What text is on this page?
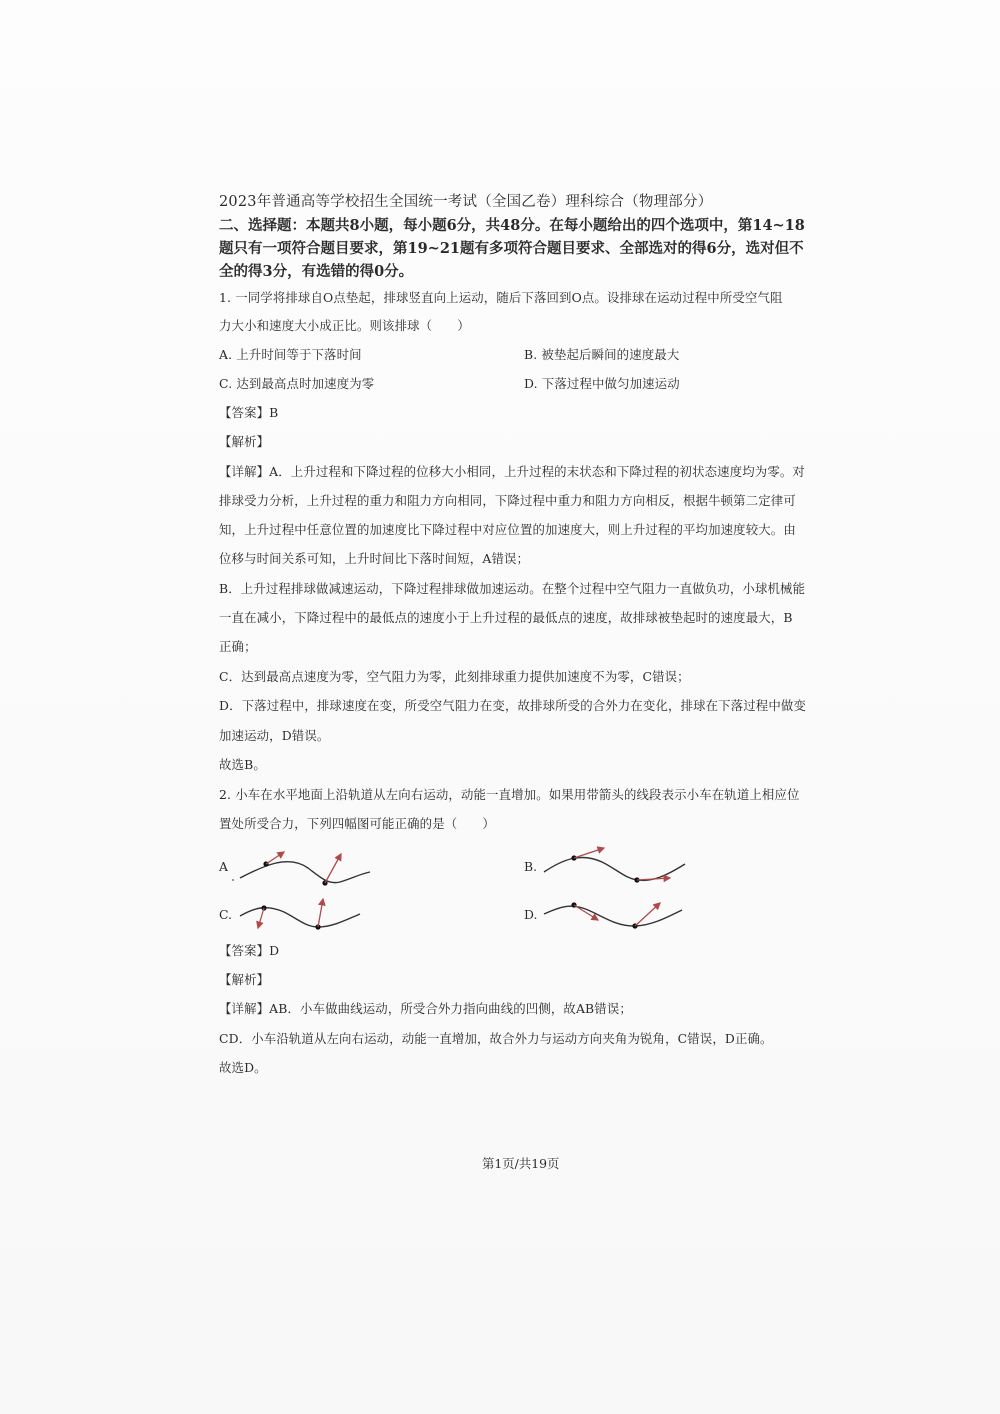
2023年普通高等学校招生全国统一考试（全国乙卷）理科综合（物理部分）
二、选择题：本题共8小题，每小题6分，共48分。在每小题给出的四个选项中，第14~18
题只有一项符合题目要求，第19~21题有多项符合题目要求、全部选对的得6分，选对但不
全的得3分，有选错的得0分。
1. 一同学将排球自O点垫起，排球竖直向上运动，随后下落回到O点。设排球在运动过程中所受空气阻
力大小和速度大小成正比。则该排球（　　）
A. 上升时间等于下落时间	B. 被垫起后瞬间的速度最大
C. 达到最高点时加速度为零	D. 下落过程中做匀加速运动
【答案】B
【解析】
【详解】A．上升过程和下降过程的位移大小相同，上升过程的末状态和下降过程的初状态速度均为零。对
排球受力分析，上升过程的重力和阻力方向相同，下降过程中重力和阻力方向相反，根据牛顿第二定律可
知，上升过程中任意位置的加速度比下降过程中对应位置的加速度大，则上升过程的平均加速度较大。由
位移与时间关系可知，上升时间比下落时间短，A错误；
B．上升过程排球做减速运动，下降过程排球做加速运动。在整个过程中空气阻力一直做负功，小球机械能
一直在减小，下降过程中的最低点的速度小于上升过程的最低点的速度，故排球被垫起时的速度最大，B
正确；
C．达到最高点速度为零，空气阻力为零，此刻排球重力提供加速度不为零，C错误；
D．下落过程中，排球速度在变，所受空气阻力在变，故排球所受的合外力在变化，排球在下落过程中做变
加速运动，D错误。
故选B。
2. 小车在水平地面上沿轨道从左向右运动，动能一直增加。如果用带箭头的线段表示小车在轨道上相应位
置处所受合力，下列四幅图可能正确的是（　　）
A	B.
C.	D.
【答案】D
【解析】
【详解】AB．小车做曲线运动，所受合外力指向曲线的凹侧，故AB错误；
CD．小车沿轨道从左向右运动，动能一直增加，故合外力与运动方向夹角为锐角，C错误，D正确。
故选D。
第1页/共19页
